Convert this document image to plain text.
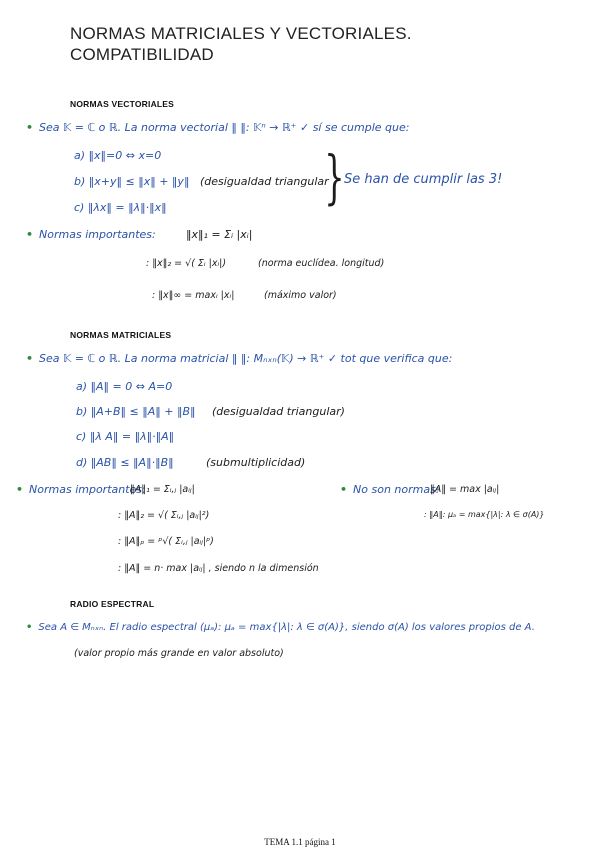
NORMAS MATRICIALES Y VECTORIALES.
COMPATIBILIDAD
NORMAS VECTORIALES
• Sea 𝕂 = ℂ o ℝ. La norma vectorial ‖ ‖: 𝕂ⁿ → ℝ⁺ ✓ sí se cumple que:
a) ‖x‖=0 ⇔ x=0
b) ‖x+y‖ ≤ ‖x‖ + ‖y‖ (desigualdad triangular
c) ‖λx‖ = ‖λ‖·‖x‖	} Se han de cumplir las 3!
• Normas importantes:	‖x‖₁ = Σᵢ |xᵢ|
: ‖x‖₂ = √( Σᵢ |xᵢ|)	(norma euclídea. longitud)
: ‖x‖∞ = maxᵢ |xᵢ|	(máximo valor)
NORMAS MATRICIALES
• Sea 𝕂 = ℂ o ℝ. La norma matricial ‖ ‖: Mₙₓₙ(𝕂) → ℝ⁺ ✓ tot que verifica que:
a) ‖A‖ = 0 ⇔ A=0
b) ‖A+B‖ ≤ ‖A‖ + ‖B‖ (desigualdad triangular)
c) ‖λ A‖ = ‖λ‖·‖A‖
d) ‖AB‖ ≤ ‖A‖·‖B‖	(submultiplicidad)
• Normas importantes:
‖A‖₁ = Σᵢ,ⱼ |aᵢⱼ|
: ‖A‖₂ = √( Σᵢ,ⱼ |aᵢⱼ|²)
: ‖A‖ₚ = ᵖ√( Σᵢ,ⱼ |aᵢⱼ|ᵖ)
: ‖A‖ = n· max |aᵢⱼ| , siendo n la dimensión
• No son normas:
‖A‖ = max |aᵢⱼ|
: ‖A‖: μₐ = max{|λ|: λ ∈ σ(A)}
RADIO ESPECTRAL
• Sea A ∈ Mₙₓₙ. El radio espectral (μₐ): μₐ = max{|λ|: λ ∈ σ(A)}, siendo σ(A) los valores propios de A.
(valor propio más grande en valor absoluto)
TEMA 1.1 página 1
